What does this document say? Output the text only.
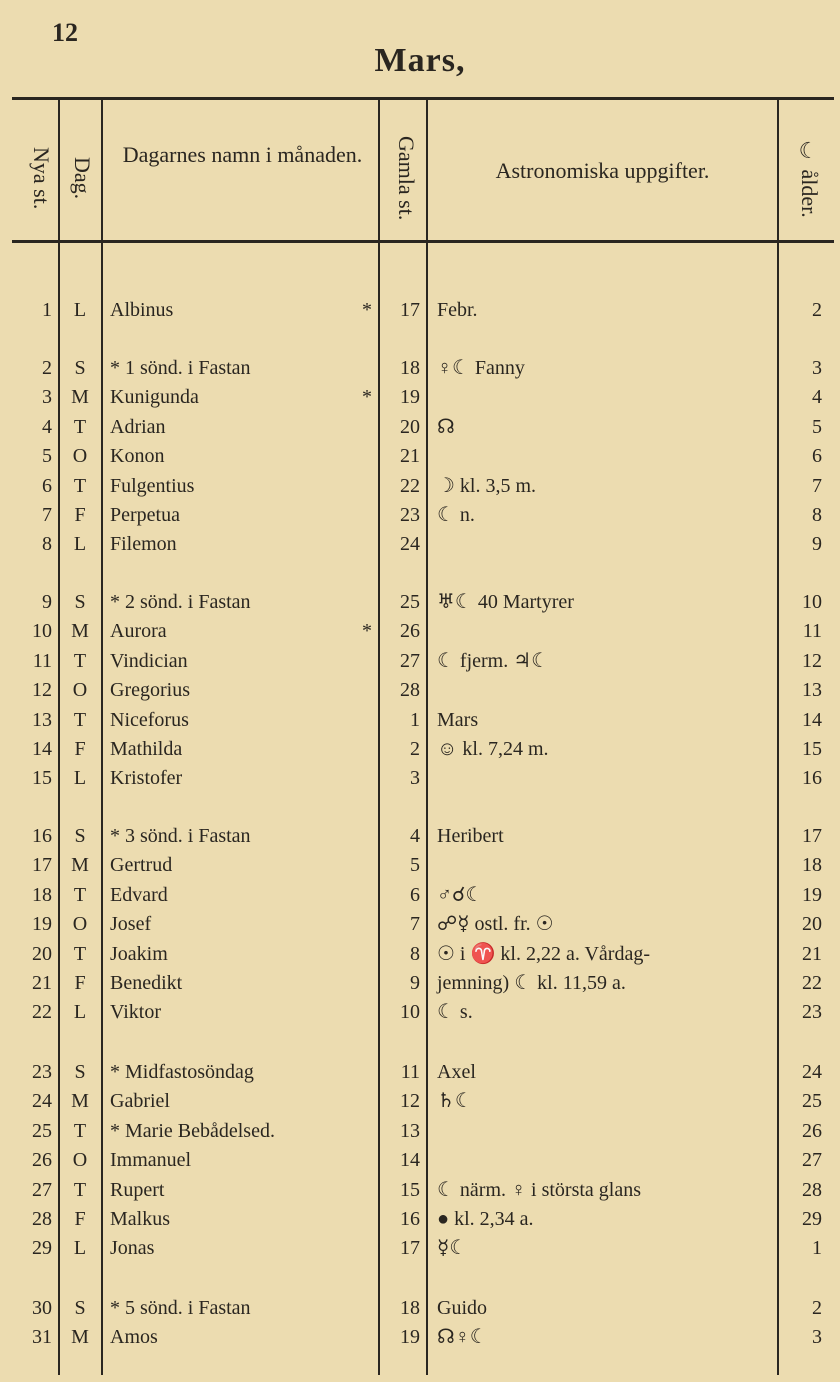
12
Mars,
Nya st. Dag.
Dagarnes namn i månaden.	Gamla st.	Astronomiska uppgifter.	☾ ålder.
1	L	Albinus	*	17 Febr.	2
2	S	* 1 sönd. i Fastan	18 ♀☾ Fanny	3
3 M	Kunigunda	*	19	4
4	T	Adrian	20 ☊	5
5	O	Konon	21	6
6	T	Fulgentius	22 ☽ kl. 3,5 m.	7
7	F	Perpetua	23 ☾ n.	8
8	L	Filemon	24	9
9	S	* 2 sönd. i Fastan	25 ♅☾ 40 Martyrer	10
10 M	Aurora	*	26	11
11	T	Vindician	27 ☾ fjerm. ♃☾	12
12	O	Gregorius	28	13
13	T	Niceforus	1 Mars	14
14	F	Mathilda	2 ☺ kl. 7,24 m.	15
15	L	Kristofer	3	16
16	S	* 3 sönd. i Fastan	4 Heribert	17
17 M	Gertrud	5	18
18	T	Edvard	6 ♂☌☾	19
19	O	Josef	7 ☍☿ ostl. fr. ☉	20
20	T	Joakim	8 ☉ i ♈ kl. 2,22 a. Vårdag-	21
21	F	Benedikt	9 jemning) ☾ kl. 11,59 a.	22
22	L	Viktor	10 ☾ s.	23
23	S	* Midfastosöndag	11 Axel	24
24 M	Gabriel	12 ♄☾	25
25	T	* Marie Bebådelsed.	13	26
26	O	Immanuel	14	27
27	T	Rupert	15 ☾ närm. ♀ i största glans	28
28	F	Malkus	16 ● kl. 2,34 a.	29
29	L	Jonas	17 ☿☾	1
30	S	* 5 sönd. i Fastan	18 Guido	2
31 M	Amos	19 ☊♀☾	3
